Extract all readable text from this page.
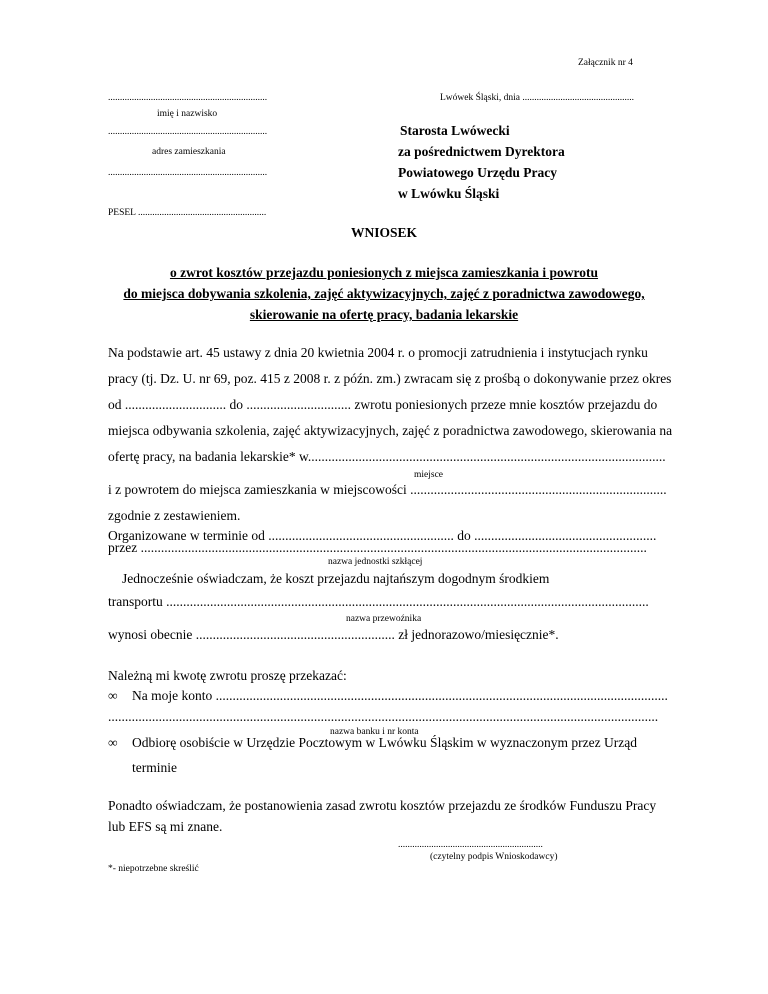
Załącznik nr 4
Lwówek Śląski, dnia ...............................................
...................................................................
imię i nazwisko
...................................................................
adres zamieszkania
...................................................................
PESEL ......................................................
Starosta Lwówecki
za pośrednictwem Dyrektora
Powiatowego Urzędu Pracy
w Lwówku Śląski
WNIOSEK
o zwrot kosztów przejazdu poniesionych z miejsca zamieszkania i powrotu
do miejsca dobywania szkolenia, zajęć aktywizacyjnych, zajęć z poradnictwa zawodowego,
skierowanie na ofertę pracy, badania lekarskie
Na podstawie art. 45 ustawy z dnia 20 kwietnia 2004 r. o promocji zatrudnienia i instytucjach rynku
pracy (tj. Dz. U. nr 69, poz. 415 z 2008 r. z późn. zm.) zwracam się z prośbą o dokonywanie przez okres
od .............................. do ............................... zwrotu poniesionych przeze mnie kosztów przejazdu do
miejsca odbywania szkolenia, zajęć aktywizacyjnych, zajęć z poradnictwa zawodowego, skierowania na
ofertę pracy, na badania lekarskie* w..........................................................................................................
miejsce
i z powrotem do miejsca zamieszkania w miejscowości ............................................................................
zgodnie z zestawieniem.
Organizowane w terminie od ....................................................... do ......................................................
przez ......................................................................................................................................................
nazwa jednostki szkłącej
Jednocześnie oświadczam, że koszt przejazdu najtańszym dogodnym środkiem
transportu ...............................................................................................................................................
nazwa przewoźnika
wynosi obecnie ........................................................... zł jednorazowo/miesięcznie*.
Należną mi kwotę zwrotu proszę przekazać:
∞ Na moje konto ......................................................................................................................................
...................................................................................................................................................................
nazwa banku i nr konta
∞ Odbiorę osobiście w Urzędzie Pocztowym w Lwówku Śląskim w wyznaczonym przez Urząd
terminie
Ponadto oświadczam, że postanowienia zasad zwrotu kosztów przejazdu ze środków Funduszu Pracy
lub EFS są mi znane.
.............................................................
(czytelny podpis Wnioskodawcy)
*- niepotrzebne skreślić
